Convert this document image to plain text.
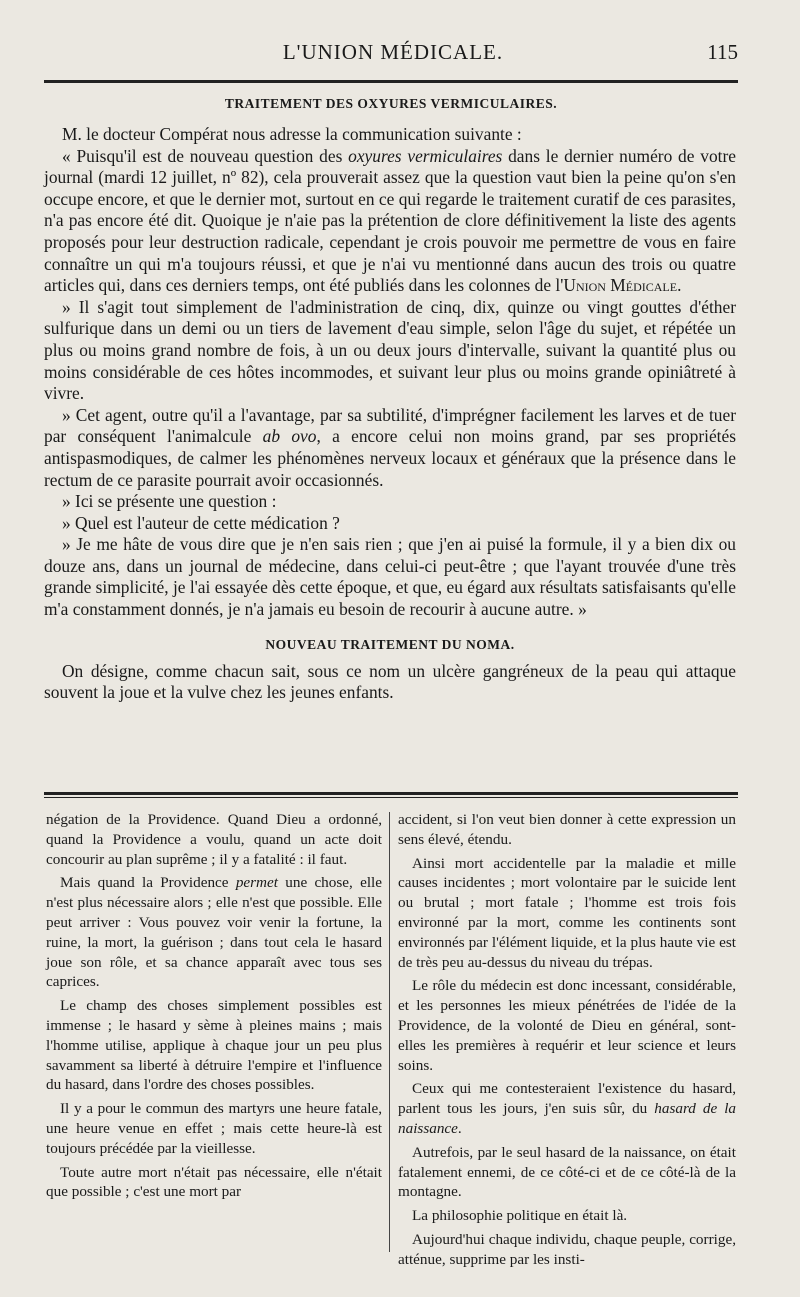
L'UNION MÉDICALE.	115
TRAITEMENT DES OXYURES VERMICULAIRES.

M. le docteur Compérat nous adresse la communication suivante :

« Puisqu'il est de nouveau question des oxyures vermiculaires dans le dernier numéro de votre journal (mardi 12 juillet, nº 82), cela prouverait assez que la question vaut bien la peine qu'on s'en occupe encore, et que le dernier mot, surtout en ce qui regarde le traitement curatif de ces parasites, n'a pas encore été dit. Quoique je n'aie pas la prétention de clore définitivement la liste des agents proposés pour leur destruction radicale, cependant je crois pouvoir me permettre de vous en faire connaître un qui m'a toujours réussi, et que je n'ai vu mentionné dans aucun des trois ou quatre articles qui, dans ces derniers temps, ont été publiés dans les colonnes de l'Union Médicale.

» Il s'agit tout simplement de l'administration de cinq, dix, quinze ou vingt gouttes d'éther sulfurique dans un demi ou un tiers de lavement d'eau simple, selon l'âge du sujet, et répétée un plus ou moins grand nombre de fois, à un ou deux jours d'intervalle, suivant la quantité plus ou moins considérable de ces hôtes incommodes, et suivant leur plus ou moins grande opiniâtreté à vivre.

» Cet agent, outre qu'il a l'avantage, par sa subtilité, d'imprégner facilement les larves et de tuer par conséquent l'animalcule ab ovo, a encore celui non moins grand, par ses propriétés antispasmodiques, de calmer les phénomènes nerveux locaux et généraux que la présence dans le rectum de ce parasite pourrait avoir occasionnés.

» Ici se présente une question :

» Quel est l'auteur de cette médication ?

» Je me hâte de vous dire que je n'en sais rien ; que j'en ai puisé la formule, il y a bien dix ou douze ans, dans un journal de médecine, dans celui-ci peut-être ; que l'ayant trouvée d'une très grande simplicité, je l'ai essayée dès cette époque, et que, eu égard aux résultats satisfaisants qu'elle m'a constamment donnés, je n'a jamais eu besoin de recourir à aucune autre. »

NOUVEAU TRAITEMENT DU NOMA.

On désigne, comme chacun sait, sous ce nom un ulcère gangréneux de la peau qui attaque souvent la joue et la vulve chez les jeunes enfants.

négation de la Providence. Quand Dieu a ordonné, quand la Providence a voulu, quand un acte doit concourir au plan suprême ; il y a fatalité : il faut.

Mais quand la Providence permet une chose, elle n'est plus nécessaire alors ; elle n'est que possible. Elle peut arriver : Vous pouvez voir venir la fortune, la ruine, la mort, la guérison ; dans tout cela le hasard joue son rôle, et sa chance apparaît avec tous ses caprices.

Le champ des choses simplement possibles est immense ; le hasard y sème à pleines mains ; mais l'homme utilise, applique à chaque jour un peu plus savamment sa liberté à détruire l'empire et l'influence du hasard, dans l'ordre des choses possibles.

Il y a pour le commun des martyrs une heure fatale, une heure venue en effet ; mais cette heure-là est toujours précédée par la vieillesse.

Toute autre mort n'était pas nécessaire, elle n'était que possible ; c'est une mort par

accident, si l'on veut bien donner à cette expression un sens élevé, étendu.

Ainsi mort accidentelle par la maladie et mille causes incidentes ; mort volontaire par le suicide lent ou brutal ; mort fatale ; l'homme est trois fois environné par la mort, comme les continents sont environnés par l'élément liquide, et la plus haute vie est de très peu au-dessus du niveau du trépas.

Le rôle du médecin est donc incessant, considérable, et les personnes les mieux pénétrées de l'idée de la Providence, de la volonté de Dieu en général, sont-elles les premières à requérir et leur science et leurs soins.

Ceux qui me contesteraient l'existence du hasard, parlent tous les jours, j'en suis sûr, du hasard de la naissance.

Autrefois, par le seul hasard de la naissance, on était fatalement ennemi, de ce côté-ci et de ce côté-là de la montagne.

La philosophie politique en était là.

Aujourd'hui chaque individu, chaque peuple, corrige, atténue, supprime par les insti-
